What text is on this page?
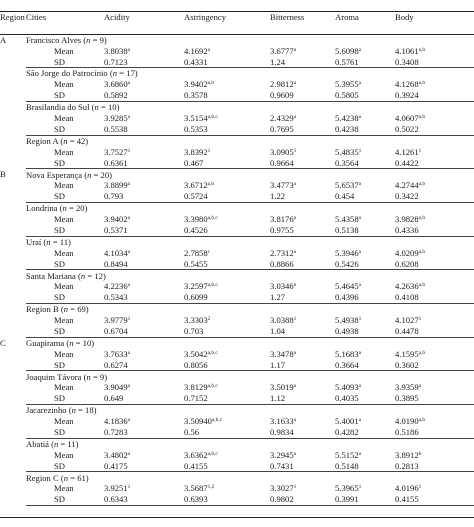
Region	Cities		Acidity	Astringency	Bitterness	Aroma	Body	

A	Francisco Alves (n = 9)							
		Mean	3.8038$^a$	4.1692$^a$	3.6777$^a$	5.6098$^a$	4.1061$^{a,b}$	
		SD	0.7123	0.4331	1.24	0.5761	0.3408	
	São Jorge do Patrocínio (n = 17)							
		Mean	3.6860$^a$	3.9402$^{a,b}$	2.9812$^a$	5.3955$^a$	4.1268$^{a,b}$	
		SD	0.5892	0.3578	0.9609	0.5805	0.3924	
	Brasilandia do Sul (n = 10)							
		Mean	3.9285$^a$	3.5154$^{a,b,c}$	2.4329$^a$	5.4238$^a$	4.0607$^{a,b}$	
		SD	0.5538	0.5353	0.7695	0.4238	0.5022	
	Region A (n = 42)							
		Mean	3.7527$^1$	3.8392$^1$	3.0905$^1$	5.4835$^1$	4.1261$^1$	
		SD	0.6361	0.467	0.9664	0.3564	0.4422	
B	Nova Esperança (n = 20)							
		Mean	3.8899$^a$	3.6712$^{a,b}$	3.4773$^a$	5.6537$^a$	4.2744$^{a,b}$	
		SD	0.793	0.5724	1.22	0.454	0.3422	
	Londrina (n = 20)							
		Mean	3.9402$^a$	3.3980$^{a,b,c}$	3.8176$^a$	5.4358$^a$	3.9828$^{a,b}$	
		SD	0.5371	0.4526	0.9755	0.5138	0.4336	
	Uraí (n = 11)							
		Mean	4.1034$^a$	2.7858$^c$	2.7312$^a$	5.3946$^a$	4.0209$^{a,b}$	
		SD	0.8494	0.5455	0.8866	0.5426	0.6208	
	Santa Mariana (n = 12)							
		Mean	4.2236$^a$	3.2597$^{a,b,c}$	3.0346$^a$	5.4645$^a$	4.2636$^{a,b}$	
		SD	0.5343	0.6099	1.27	0.4396	0.4108	
	Region B (n = 69)							
		Mean	3.9779$^1$	3.3303$^2$	3.0388$^1$	5.4938$^1$	4.1027$^1$	
		SD	0.6704	0.703	1.04	0.4938	0.4478	
C	Guapirama (n = 10)							
		Mean	3.7633$^a$	3.5042$^{a,b,c}$	3.3478$^a$	5.1683$^a$	4.1595$^{a,b}$	
		SD	0.6274	0.8056	1.17	0.3664	0.3602	
	Joaquim Távora (n = 9)							
		Mean	3.9049$^a$	3.8129$^{a,b,c}$	3.5019$^a$	5.4093$^a$	3.9359$^a$	
		SD	0.649	0.7152	1.12	0.4035	0.3895	
	Jacarezinho (n = 18)							
		Mean	4.1836$^a$	3.50940$^{a,b,c}$	3.1633$^a$	5.4001$^a$	4.0190$^{a,b}$	
		SD	0.7283	0.56	0.9834	0.4282	0.5186	
	Abatiá (n = 11)							
		Mean	3.4802$^a$	3.6362$^{a,b,c}$	3.2945$^a$	5.5152$^a$	3.8912$^b$	
		SD	0.4175	0.4155	0.7431	0.5148	0.2813	
	Region C (n = 61)							
		Mean	3.9251$^1$	3.5687$^{1,2}$	3.3027$^1$	5.3965$^1$	4.0196$^1$	
		SD	0.6343	0.6393	0.9802	0.3991	0.4155	
